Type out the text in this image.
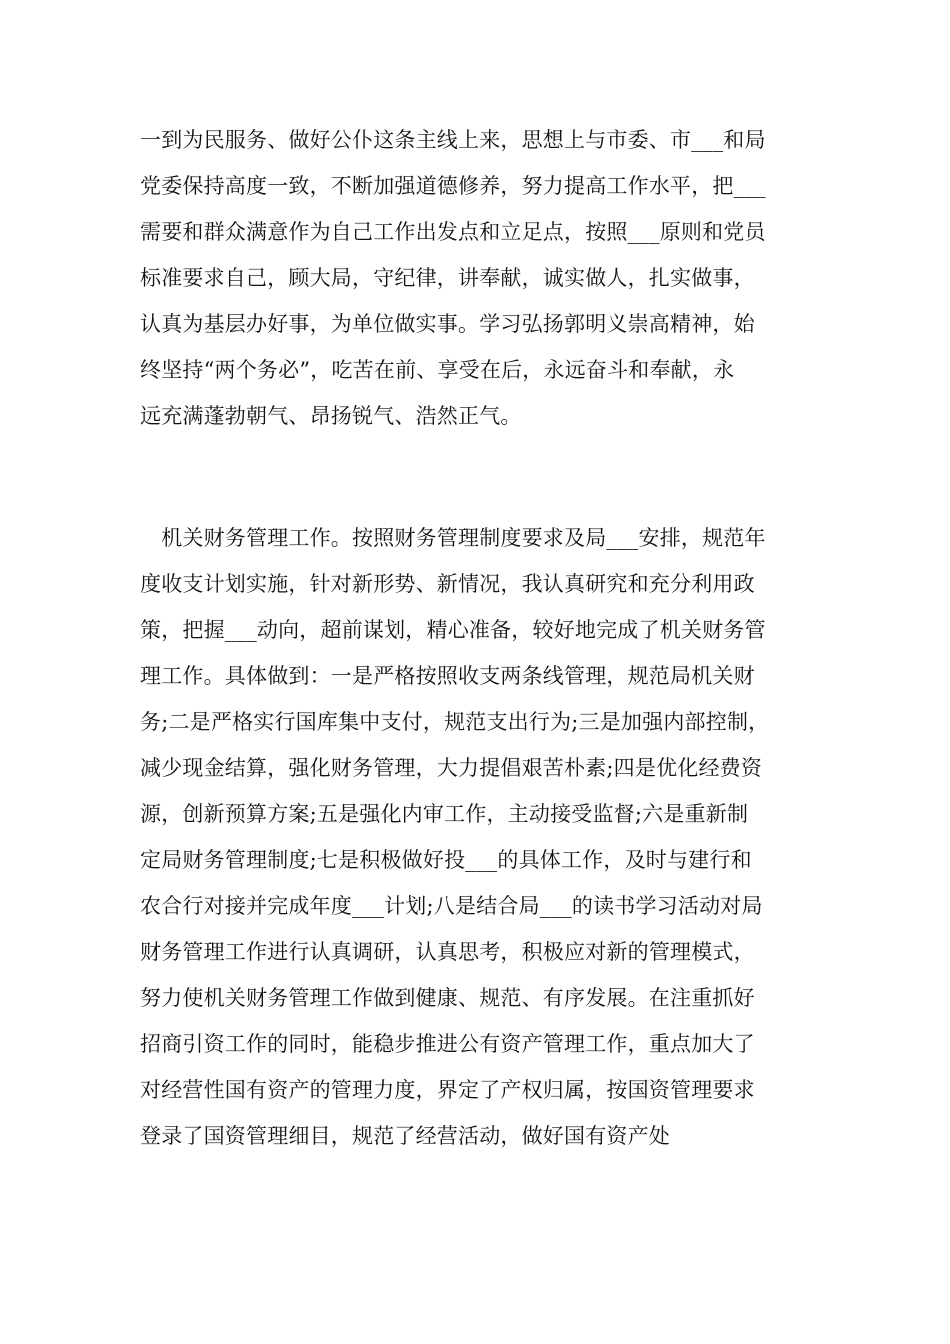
一到为民服务、做好公仆这条主线上来，思想上与市委、市___和局
党委保持高度一致，不断加强道德修养，努力提高工作水平，把___
需要和群众满意作为自己工作出发点和立足点，按照___原则和党员
标准要求自己，顾大局，守纪律，讲奉献，诚实做人，扎实做事，
认真为基层办好事，为单位做实事。学习弘扬郭明义崇高精神，始
终坚持“两个务必”，吃苦在前、享受在后，永远奋斗和奉献，永
远充满蓬勃朝气、昂扬锐气、浩然正气。
　机关财务管理工作。按照财务管理制度要求及局___安排，规范年
度收支计划实施，针对新形势、新情况，我认真研究和充分利用政
策，把握___动向，超前谋划，精心准备，较好地完成了机关财务管
理工作。具体做到：一是严格按照收支两条线管理，规范局机关财
务;二是严格实行国库集中支付，规范支出行为;三是加强内部控制，
减少现金结算，强化财务管理，大力提倡艰苦朴素;四是优化经费资
源，创新预算方案;五是强化内审工作，主动接受监督;六是重新制
定局财务管理制度;七是积极做好投___的具体工作，及时与建行和
农合行对接并完成年度___计划;八是结合局___的读书学习活动对局
财务管理工作进行认真调研，认真思考，积极应对新的管理模式，
努力使机关财务管理工作做到健康、规范、有序发展。在注重抓好
招商引资工作的同时，能稳步推进公有资产管理工作，重点加大了
对经营性国有资产的管理力度，界定了产权归属，按国资管理要求
登录了国资管理细目，规范了经营活动，做好国有资产处
